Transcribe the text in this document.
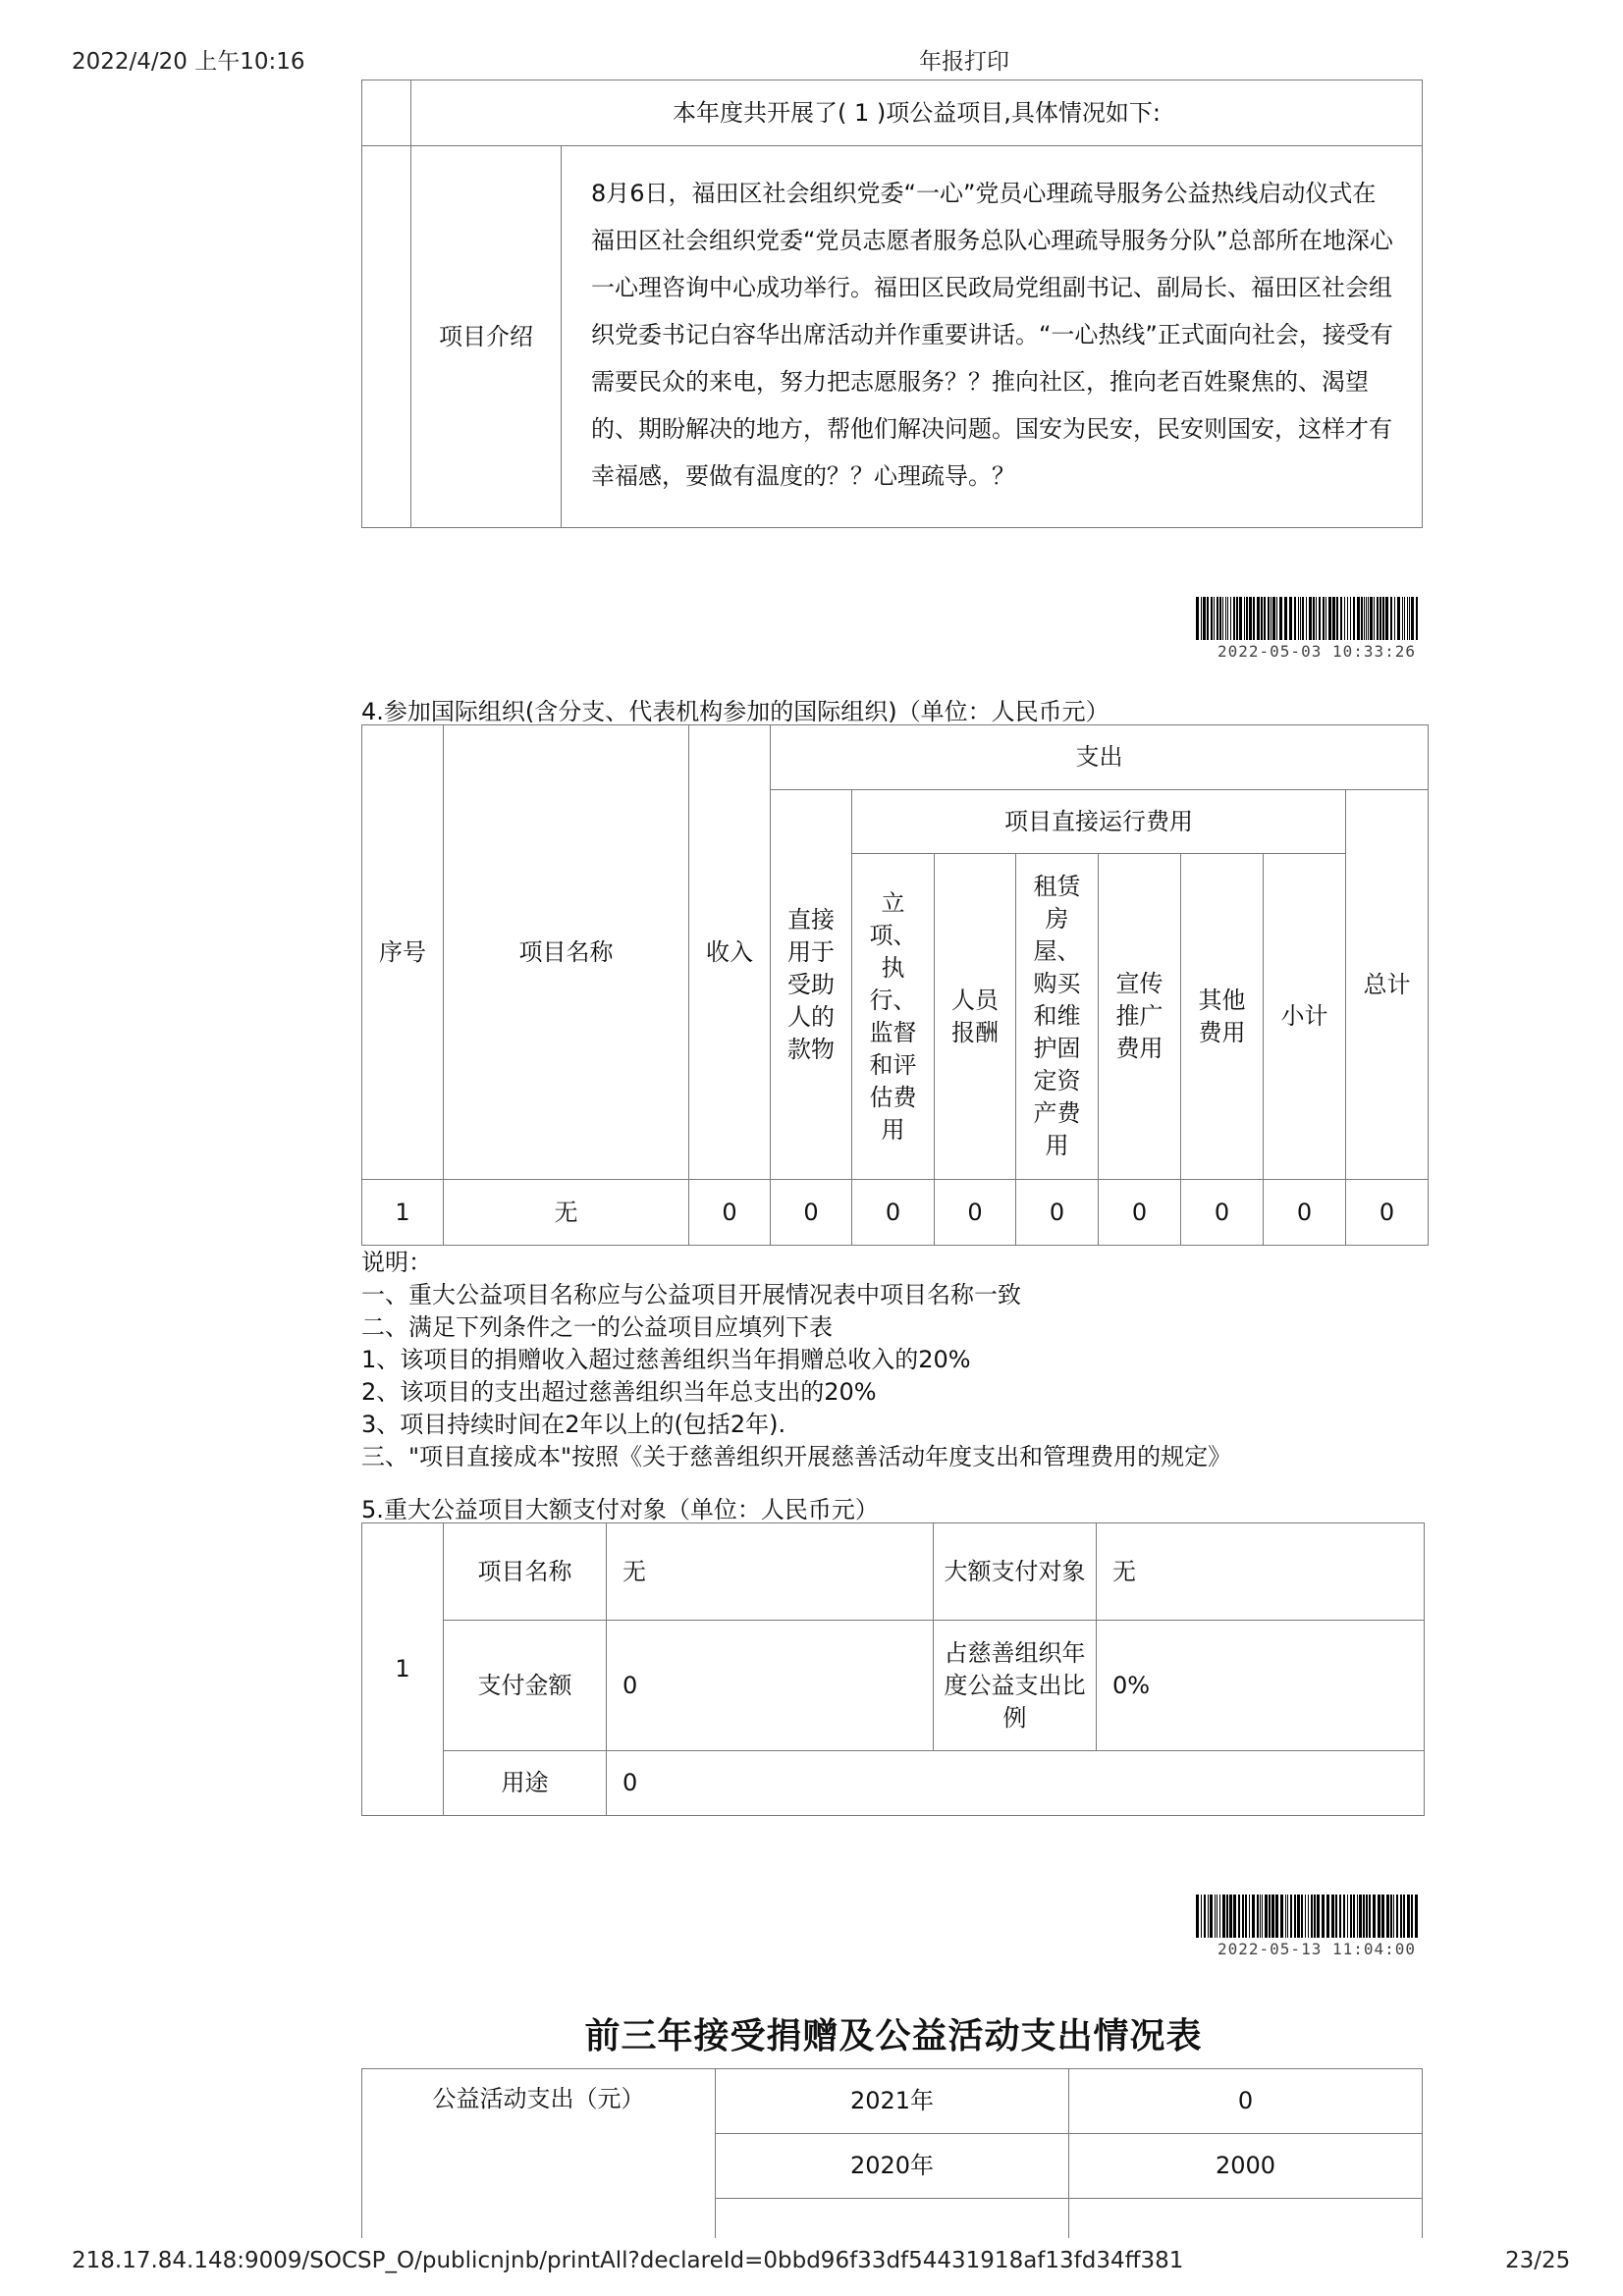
2022/4/20 上午10:16	年报打印
	本年度共开展了( 1 )项公益项目,具体情况如下:	
	项目介绍	8月6日，福田区社会组织党委“一心”党员心理疏导服务公益热线启动仪式在福田区社会组织党委“党员志愿者服务总队心理疏导服务分队”总部所在地深心一心理咨询中心成功举行。福田区民政局党组副书记、副局长、福田区社会组织党委书记白容华出席活动并作重要讲话。“一心热线”正式面向社会，接受有需要民众的来电，努力把志愿服务？？推向社区，推向老百姓聚焦的、渴望的、期盼解决的地方，帮他们解决问题。国安为民安，民安则国安，这样才有幸福感，要做有温度的？？心理疏导。？
2022-05-03 10:33:26
4.参加国际组织(含分支、代表机构参加的国际组织)（单位：人民币元）
序号	项目名称	收入	支出							
			直接用于受助人的款物	项目直接运行费用						总计
				立项、执行、监督和评估费用	人员报酬	租赁房屋、购买和维护固定资产费用	宣传推广费用	其他费用	小计	
1	无	0	0	0	0	0	0	0	0	0
说明：
一、重大公益项目名称应与公益项目开展情况表中项目名称一致
二、满足下列条件之一的公益项目应填列下表
1、该项目的捐赠收入超过慈善组织当年捐赠总收入的20%
2、该项目的支出超过慈善组织当年总支出的20%
3、项目持续时间在2年以上的(包括2年).
三、"项目直接成本"按照《关于慈善组织开展慈善活动年度支出和管理费用的规定》
5.重大公益项目大额支付对象（单位：人民币元）
1	项目名称	无	大额支付对象	无
	支付金额	0	占慈善组织年度公益支出比例	0%
	用途	0		
2022-05-13 11:04:00
前三年接受捐赠及公益活动支出情况表
公益活动支出（元）	2021年	0
	2020年	2000

218.17.84.148:9009/SOCSP_O/publicnjnb/printAll?declareId=0bbd96f33df54431918af13fd34ff381	23/25
